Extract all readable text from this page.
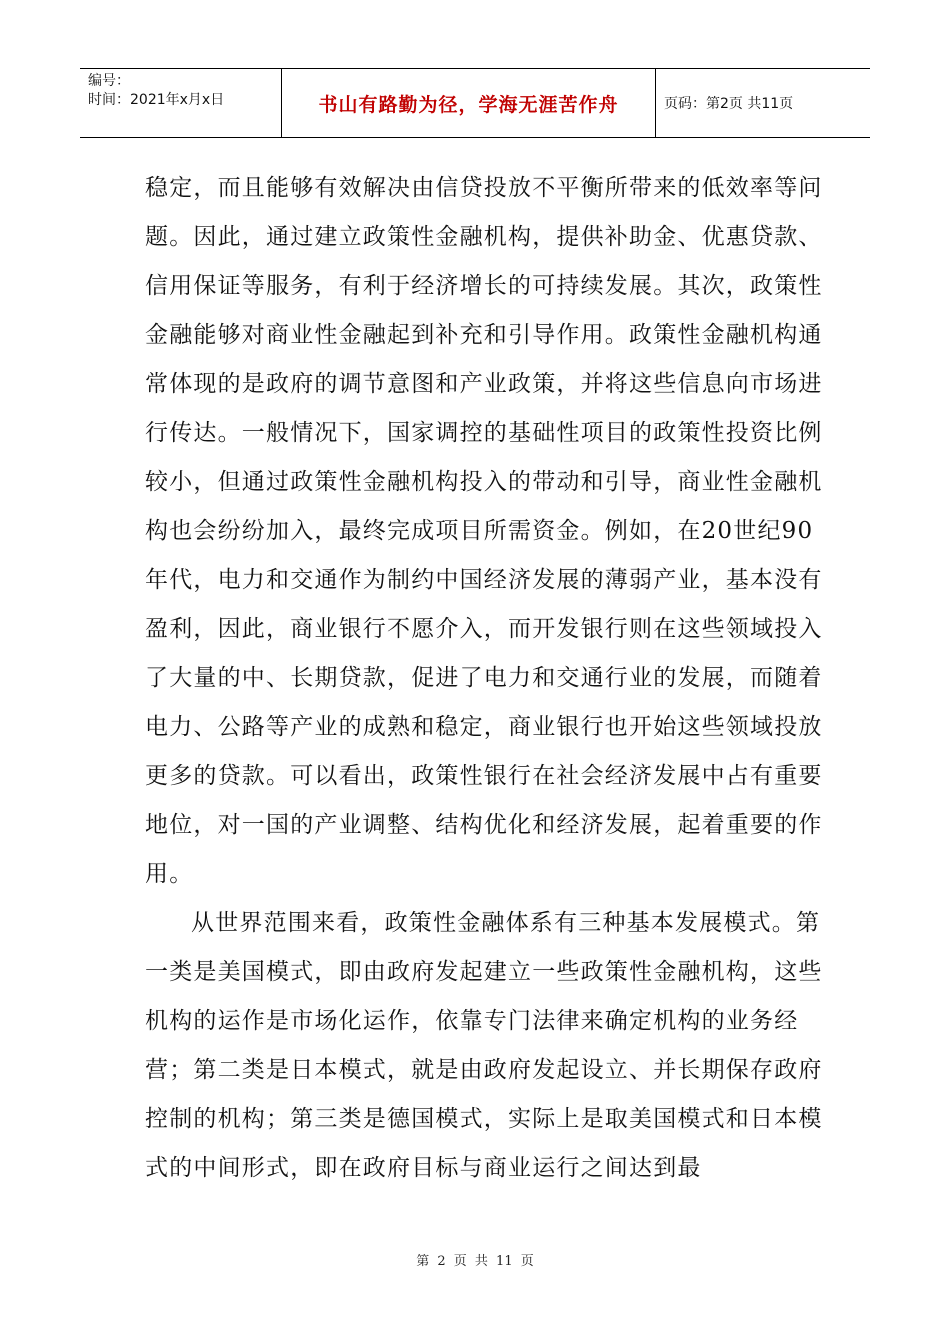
编号：
时间：2021年x月x日	书山有路勤为径，学海无涯苦作舟	页码：第2页 共11页

稳定，而且能够有效解决由信贷投放不平衡所带来的低效率等问题。因此，通过建立政策性金融机构，提供补助金、优惠贷款、信用保证等服务，有利于经济增长的可持续发展。其次，政策性金融能够对商业性金融起到补充和引导作用。政策性金融机构通常体现的是政府的调节意图和产业政策，并将这些信息向市场进行传达。一般情况下，国家调控的基础性项目的政策性投资比例较小，但通过政策性金融机构投入的带动和引导，商业性金融机构也会纷纷加入，最终完成项目所需资金。例如，在20世纪90年代，电力和交通作为制约中国经济发展的薄弱产业，基本没有盈利，因此，商业银行不愿介入，而开发银行则在这些领域投入了大量的中、长期贷款，促进了电力和交通行业的发展，而随着电力、公路等产业的成熟和稳定，商业银行也开始这些领域投放更多的贷款。可以看出，政策性银行在社会经济发展中占有重要地位，对一国的产业调整、结构优化和经济发展，起着重要的作用。

从世界范围来看，政策性金融体系有三种基本发展模式。第一类是美国模式，即由政府发起建立一些政策性金融机构，这些机构的运作是市场化运作，依靠专门法律来确定机构的业务经营；第二类是日本模式，就是由政府发起设立、并长期保存政府控制的机构；第三类是德国模式，实际上是取美国模式和日本模式的中间形式，即在政府目标与商业运行之间达到最

第 2 页 共 11 页
